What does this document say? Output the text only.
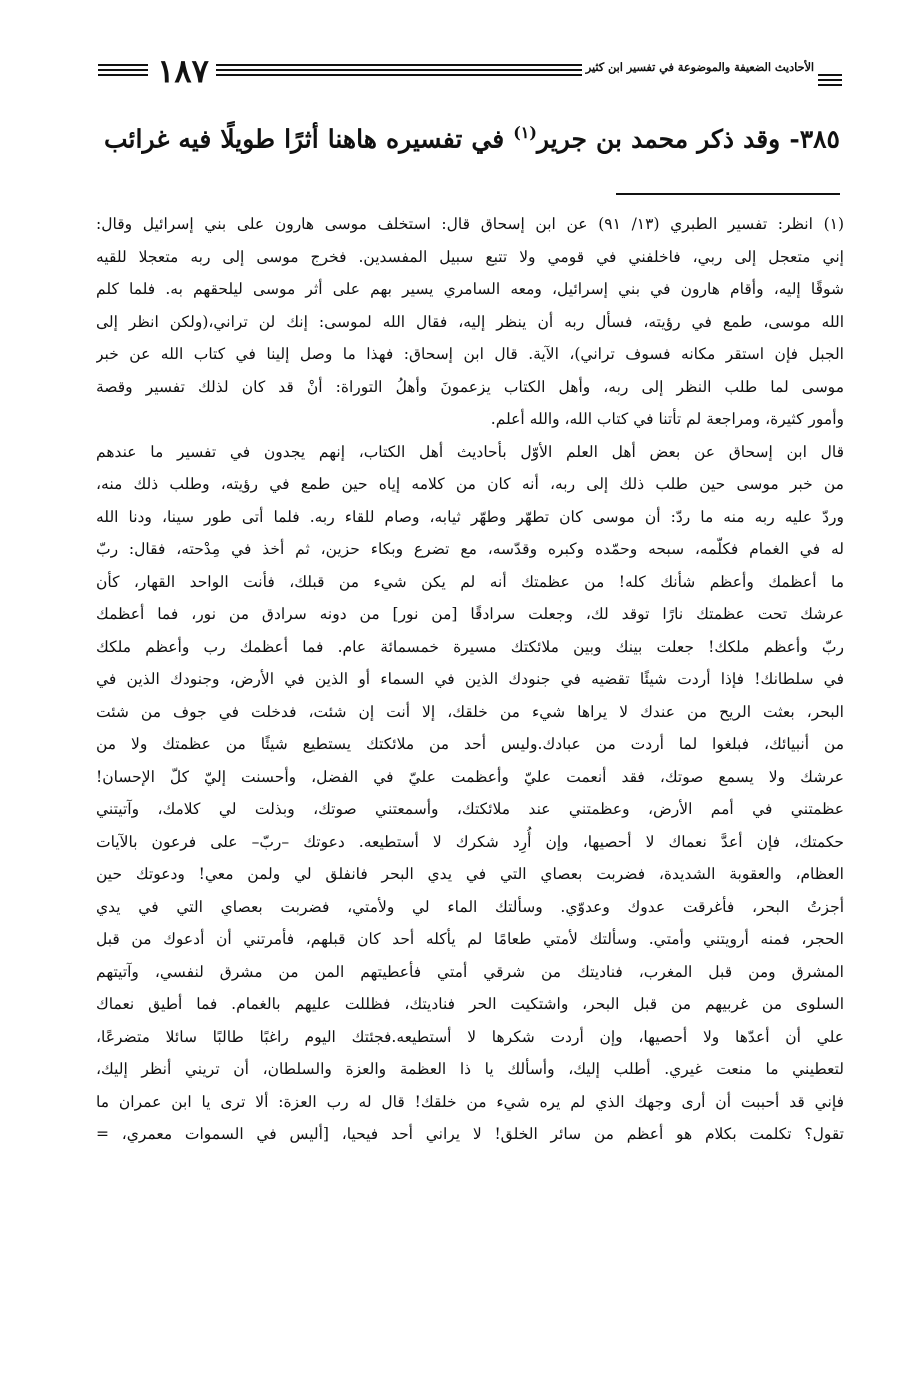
١٨٧	الأحاديث الضعيفة والموضوعة في تفسير ابن كثير
٣٨٥- وقد ذكر محمد بن جرير$^{(١)}$ في تفسيره هاهنا أثرًا طويلًا فيه غرائب
(١) انظر: تفسير الطبري (١٣/ ٩١) عن ابن إسحاق قال: استخلف موسى هارون على بني إسرائيل وقال:
إني متعجل إلى ربي، فاخلفني في قومي ولا تتبع سبيل المفسدين. فخرج موسى إلى ربه متعجلا للقيه
شوقًا إليه، وأقام هارون في بني إسرائيل، ومعه السامري يسير بهم على أثر موسى ليلحقهم به. فلما كلم
الله موسى، طمع في رؤيته، فسأل ربه أن ينظر إليه، فقال الله لموسى: إنك لن تراني،(ولكن انظر إلى
الجبل فإن استقر مكانه فسوف تراني)، الآية. قال ابن إسحاق: فهذا ما وصل إلينا في كتاب الله عن خبر
موسى لما طلب النظر إلى ربه، وأهل الكتاب يزعمونَ وأهلُ التوراة: أنْ قد كان لذلك تفسير وقصة
وأمور كثيرة، ومراجعة لم تأتنا في كتاب الله، والله أعلم.
قال ابن إسحاق عن بعض أهل العلم الأوّل بأحاديث أهل الكتاب، إنهم يجدون في تفسير ما عندهم
من خبر موسى حين طلب ذلك إلى ربه، أنه كان من كلامه إياه حين طمع في رؤيته، وطلب ذلك منه،
وردّ عليه ربه منه ما ردّ: أن موسى كان تطهّر وطهّر ثيابه، وصام للقاء ربه. فلما أتى طور سينا، ودنا الله
له في الغمام فكلّمه، سبحه وحمّده وكبره وقدّسه، مع تضرع وبكاء حزين، ثم أخذ في مِدْحته، فقال: ربّ
ما أعظمك وأعظم شأنك كله! من عظمتك أنه لم يكن شيء من قبلك، فأنت الواحد القهار، كأن
عرشك تحت عظمتك نارًا توقد لك، وجعلت سرادقًا [من نور] من دونه سرادق من نور، فما أعظمك
ربّ وأعظم ملكك! جعلت بينك وبين ملائكتك مسيرة خمسمائة عام. فما أعظمك رب وأعظم ملكك
في سلطانك! فإذا أردت شيئًا تقضيه في جنودك الذين في السماء أو الذين في الأرض، وجنودك الذين في
البحر، بعثت الريح من عندك لا يراها شيء من خلقك، إلا أنت إن شئت، فدخلت في جوف من شئت
من أنبيائك، فبلغوا لما أردت من عبادك.وليس أحد من ملائكتك يستطيع شيئًا من عظمتك ولا من
عرشك ولا يسمع صوتك، فقد أنعمت عليّ وأعظمت عليّ في الفضل، وأحسنت إليّ كلّ الإحسان!
عظمتني في أمم الأرض، وعظمتني عند ملائكتك، وأسمعتني صوتك، وبذلت لي كلامك، وآتيتني
حكمتك، فإن أعدَّ نعماك لا أحصيها، وإن أُرِد شكرك لا أستطيعه. دعوتك –ربّ– على فرعون بالآيات
العظام، والعقوبة الشديدة، فضربت بعصاي التي في يدي البحر فانفلق لي ولمن معي! ودعوتك حين
أجزتُ البحر، فأغرقت عدوك وعدوّي. وسألتك الماء لي ولأمتي، فضربت بعصاي التي في يدي
الحجر، فمنه أرويتني وأمتي. وسألتك لأمتي طعامًا لم يأكله أحد كان قبلهم، فأمرتني أن أدعوك من قبل
المشرق ومن قبل المغرب، فناديتك من شرقي أمتي فأعطيتهم المن من مشرق لنفسي، وآتيتهم
السلوى من غربيهم من قبل البحر، واشتكيت الحر فناديتك، فظللت عليهم بالغمام. فما أطيق نعماك
علي أن أعدّها ولا أحصيها، وإن أردت شكرها لا أستطيعه.فجئتك اليوم راغبًا طالبًا سائلا متضرعًا،
لتعطيني ما منعت غيري. أطلب إليك، وأسألك يا ذا العظمة والعزة والسلطان، أن تريني أنظر إليك،
فإني قد أحببت أن أرى وجهك الذي لم يره شيء من خلقك! قال له رب العزة: ألا ترى يا ابن عمران ما
تقول؟ تكلمت بكلام هو أعظم من سائر الخلق! لا يراني أحد فيحيا، [أليس في السموات معمري، =
